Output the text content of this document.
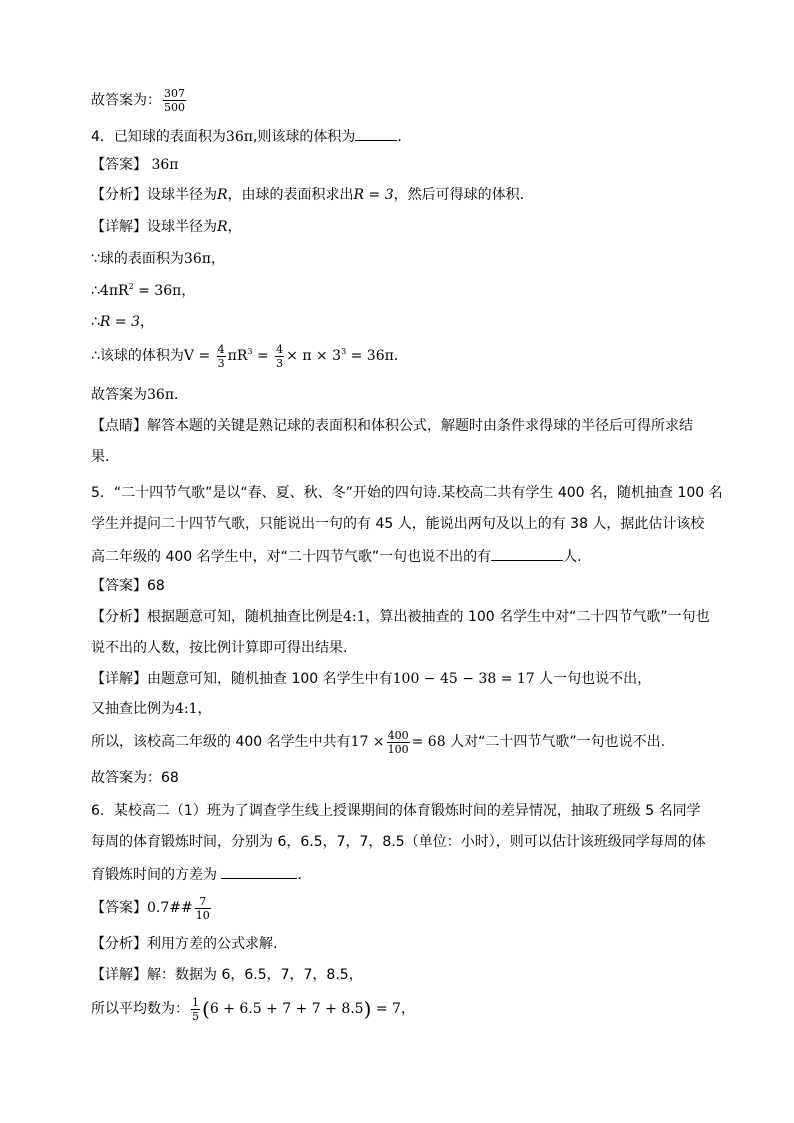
故答案为： $\frac{307}{500}$
4．已知球的表面积为36π,则该球的体积为	.
【答案】 36π
【分析】设球半径为R，由球的表面积求出R = 3，然后可得球的体积．
【详解】设球半径为R，
∵球的表面积为36π，
$\therefore 4\pi R^2 = 36\pi$，
∴R = 3，
∴该球的体积为$V = \frac{4}{3} \pi R^3 = \frac{4}{3} \times \pi \times 3^3 = 36\pi$．
故答案为36π．
【点睛】解答本题的关键是熟记球的表面积和体积公式，解题时由条件求得球的半径后可得所求结
果．
5．“二十四节气歌”是以“春、夏、秋、冬”开始的四句诗.某校高二共有学生 400 名，随机抽查 100 名
学生并提问二十四节气歌，只能说出一句的有 45 人，能说出两句及以上的有 38 人，据此估计该校
高二年级的 400 名学生中，对“二十四节气歌”一句也说不出的有	人.
【答案】68
【分析】根据题意可知，随机抽查比例是4:1，算出被抽查的 100 名学生中对“二十四节气歌”一句也
说不出的人数，按比例计算即可得出结果.
【详解】由题意可知，随机抽查 100 名学生中有100 − 45 − 38 = 17 人一句也说不出，
又抽查比例为4:1，
所以，该校高二年级的 400 名学生中共有$17 \times \frac{400}{100} = 68$ 人对“二十四节气歌”一句也说不出.
故答案为：68
6．某校高二（1）班为了调查学生线上授课期间的体育锻炼时间的差异情况，抽取了班级 5 名同学
每周的体育锻炼时间，分别为 6，6.5，7，7，8.5（单位：小时），则可以估计该班级同学每周的体
育锻炼时间的方差为	．
【答案】0.7## $\frac{7}{10}$
【分析】利用方差的公式求解.
【详解】解：数据为 6，6.5，7，7，8.5，
所以平均数为： $\frac{1}{5} (6 + 6.5 + 7 + 7 + 8.5) = 7$，
